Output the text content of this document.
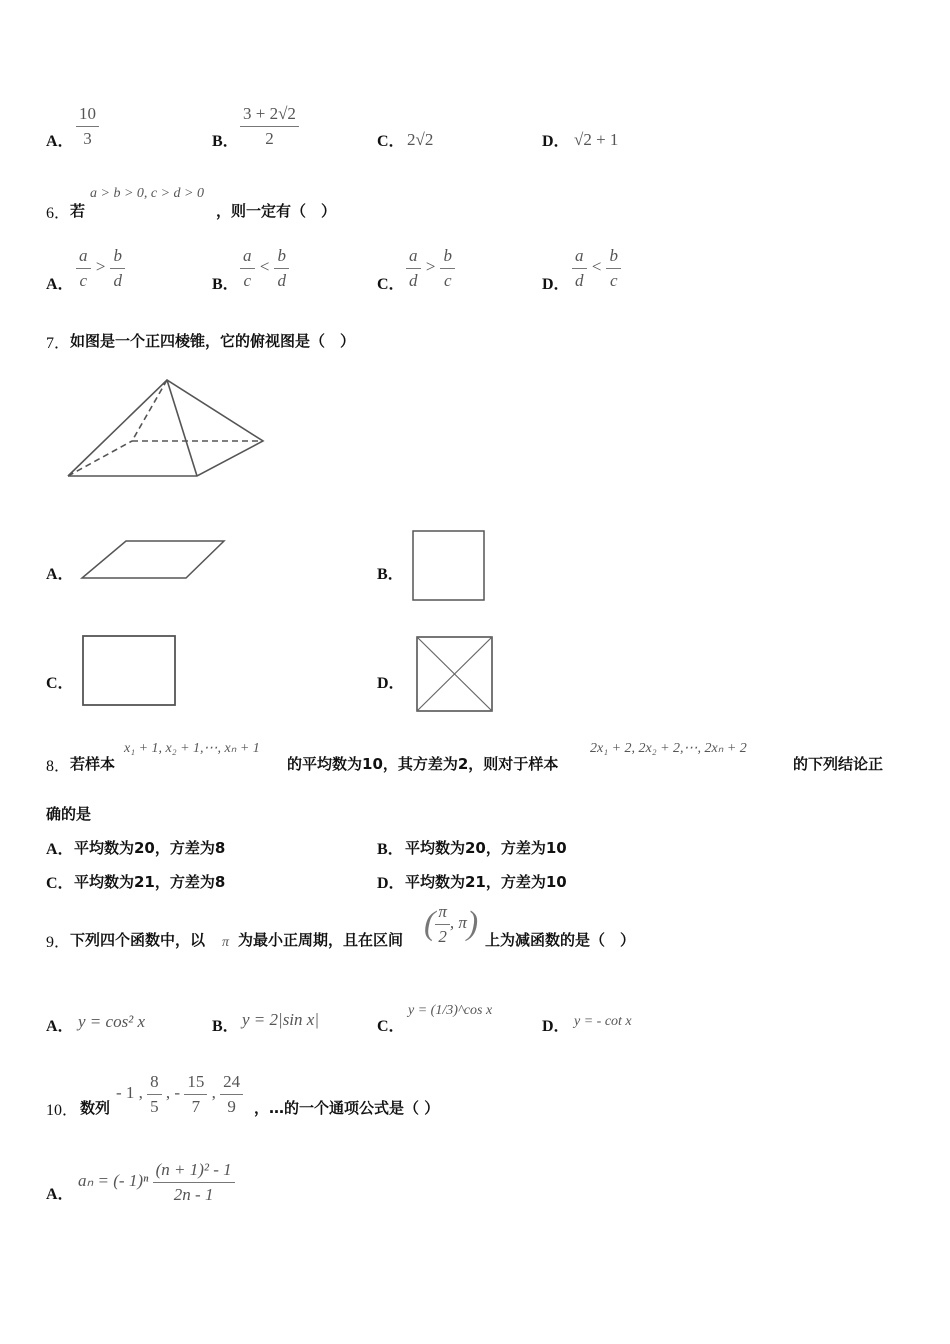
A． $\frac{10}{3}$	B． $\frac{3 + 2√2}{2}$	C． 2√2	D． √2 + 1
6． 若
a > b > 0, c > d > 0
，则一定有（　）
A． $\frac{a}{c} > \frac{b}{d}$	B． $\frac{a}{c} < \frac{b}{d}$	C． $\frac{a}{d} > \frac{b}{c}$	D． $\frac{a}{d} < \frac{b}{c}$
7． 如图是一个正四棱锥，它的俯视图是（　）
A．	B．
C．	D．
8． 若样本
x₁ + 1, x₂ + 1,⋯, xₙ + 1
的平均数为10，其方差为2，则对于样本
2x₁ + 2, 2x₂ + 2,⋯, 2xₙ + 2
的下列结论正
确的是
A． 平均数为20，方差为8	B． 平均数为20，方差为10
C． 平均数为21，方差为8	D． 平均数为21，方差为10
9． 下列四个函数中，以 π 为最小正周期，且在区间 ( $\frac{\pi}{2}$ , π) 上为减函数的是（　）
A． y = cos² x	B． y = 2|sin x|	C．
y = (1/3)^cos x
D． y = - cot x
10． 数列
- 1 , $\frac{8}{5}$ , - $\frac{15}{7}$ , $\frac{24}{9}$ ，…的一个通项公式是（ ）
A．
aₙ = (- $1)^n \frac{\text{(n + 1)² - 1}}{2n - 1}$
